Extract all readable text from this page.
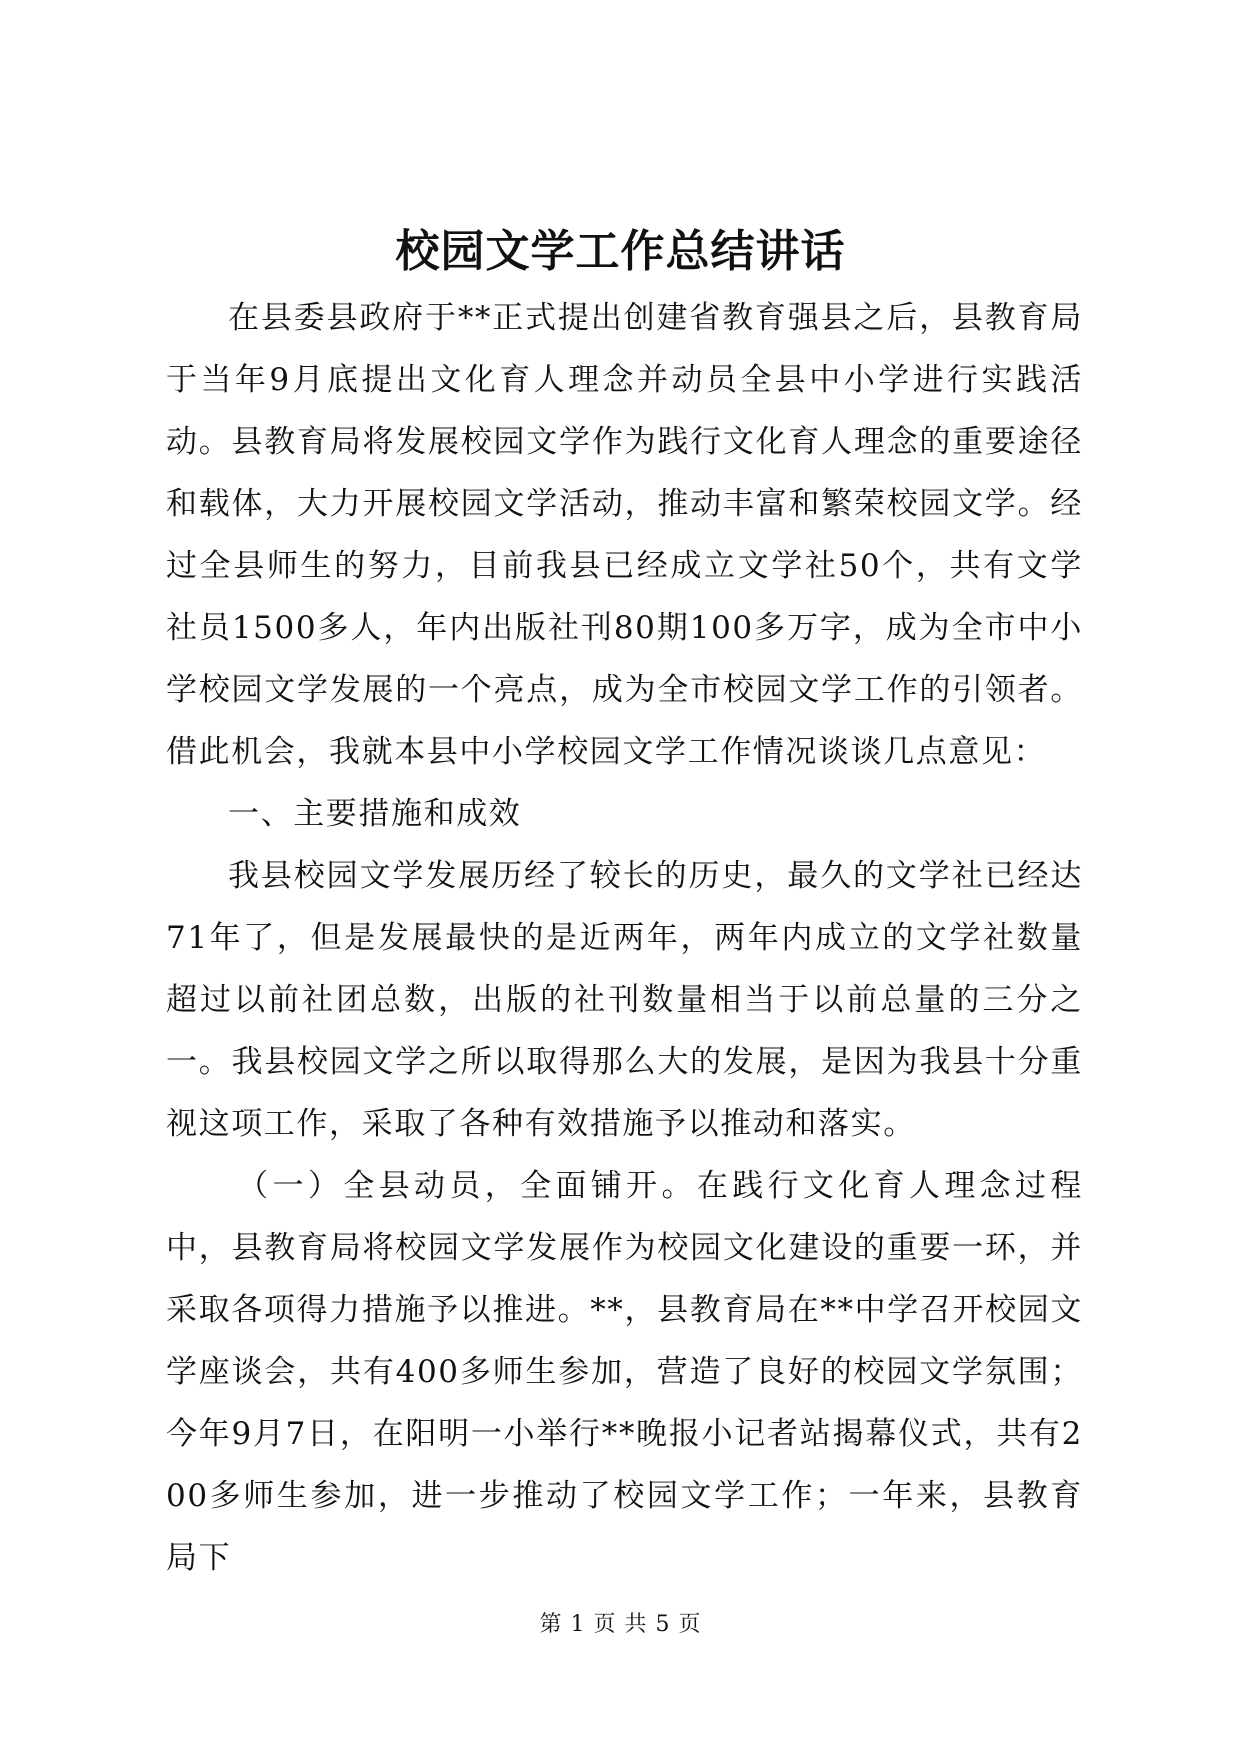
校园文学工作总结讲话

在县委县政府于**正式提出创建省教育强县之后，县教育局于当年9月底提出文化育人理念并动员全县中小学进行实践活动。县教育局将发展校园文学作为践行文化育人理念的重要途径和载体，大力开展校园文学活动，推动丰富和繁荣校园文学。经过全县师生的努力，目前我县已经成立文学社50个，共有文学社员1500多人，年内出版社刊80期100多万字，成为全市中小学校园文学发展的一个亮点，成为全市校园文学工作的引领者。借此机会，我就本县中小学校园文学工作情况谈谈几点意见：

一、主要措施和成效

我县校园文学发展历经了较长的历史，最久的文学社已经达71年了，但是发展最快的是近两年，两年内成立的文学社数量超过以前社团总数，出版的社刊数量相当于以前总量的三分之一。我县校园文学之所以取得那么大的发展，是因为我县十分重视这项工作，采取了各种有效措施予以推动和落实。

（一）全县动员，全面铺开。在践行文化育人理念过程中，县教育局将校园文学发展作为校园文化建设的重要一环，并采取各项得力措施予以推进。**，县教育局在**中学召开校园文学座谈会，共有400多师生参加，营造了良好的校园文学氛围；今年9月7日，在阳明一小举行**晚报小记者站揭幕仪式，共有200多师生参加，进一步推动了校园文学工作；一年来，县教育局下

第 1 页 共 5 页
